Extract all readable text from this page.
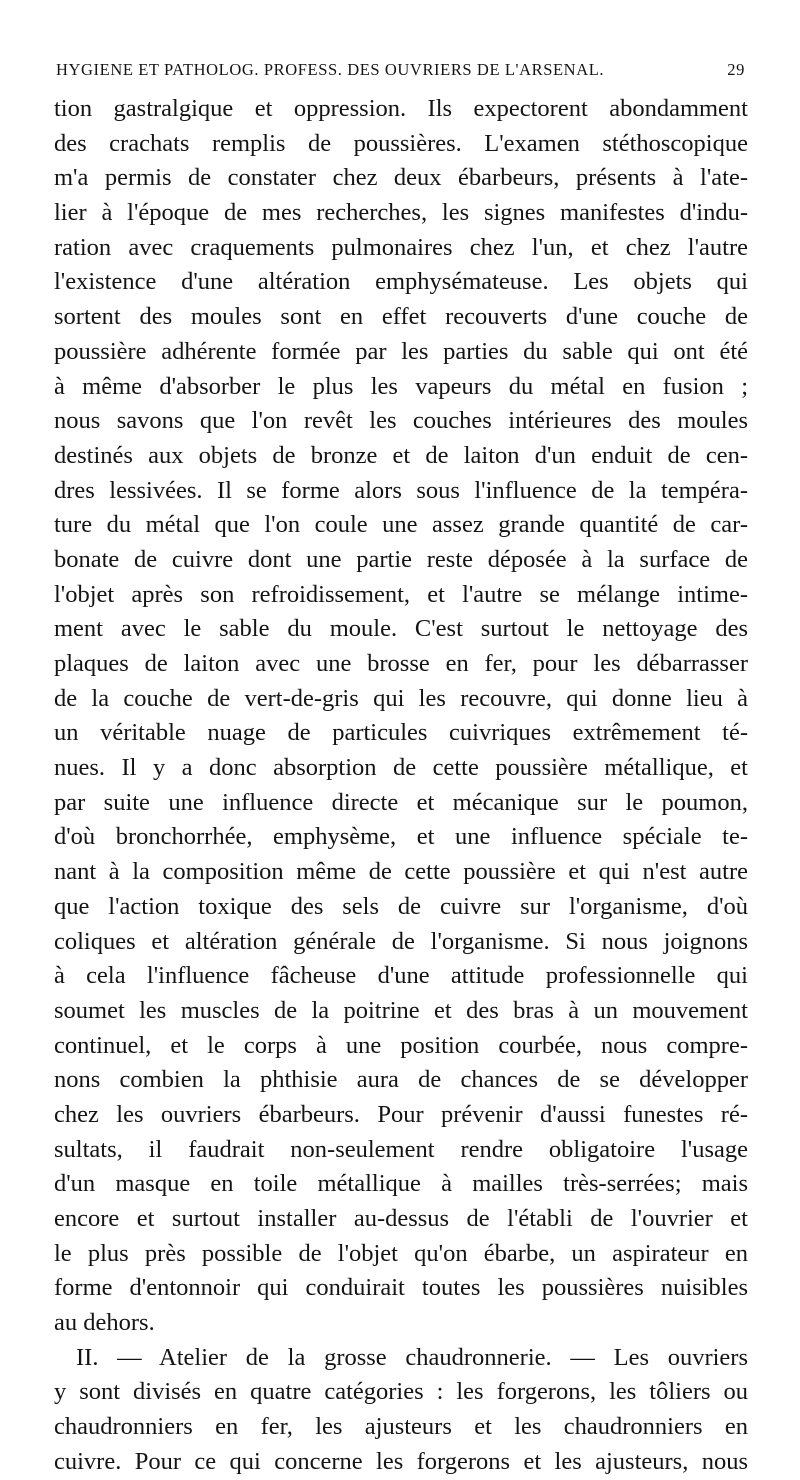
HYGIENE ET PATHOLOG. PROFESS. DES OUVRIERS DE L'ARSENAL.	29
tion gastralgique et oppression. Ils expectorent abondamment
des crachats remplis de poussières. L'examen stéthoscopique
m'a permis de constater chez deux ébarbeurs, présents à l'ate-
lier à l'époque de mes recherches, les signes manifestes d'indu-
ration avec craquements pulmonaires chez l'un, et chez l'autre
l'existence d'une altération emphysémateuse. Les objets qui
sortent des moules sont en effet recouverts d'une couche de
poussière adhérente formée par les parties du sable qui ont été
à même d'absorber le plus les vapeurs du métal en fusion ;
nous savons que l'on revêt les couches intérieures des moules
destinés aux objets de bronze et de laiton d'un enduit de cen-
dres lessivées. Il se forme alors sous l'influence de la tempéra-
ture du métal que l'on coule une assez grande quantité de car-
bonate de cuivre dont une partie reste déposée à la surface de
l'objet après son refroidissement, et l'autre se mélange intime-
ment avec le sable du moule. C'est surtout le nettoyage des
plaques de laiton avec une brosse en fer, pour les débarrasser
de la couche de vert-de-gris qui les recouvre, qui donne lieu à
un véritable nuage de particules cuivriques extrêmement té-
nues. Il y a donc absorption de cette poussière métallique, et
par suite une influence directe et mécanique sur le poumon,
d'où bronchorrhée, emphysème, et une influence spéciale te-
nant à la composition même de cette poussière et qui n'est autre
que l'action toxique des sels de cuivre sur l'organisme, d'où
coliques et altération générale de l'organisme. Si nous joignons
à cela l'influence fâcheuse d'une attitude professionnelle qui
soumet les muscles de la poitrine et des bras à un mouvement
continuel, et le corps à une position courbée, nous compre-
nons combien la phthisie aura de chances de se développer
chez les ouvriers ébarbeurs. Pour prévenir d'aussi funestes ré-
sultats, il faudrait non-seulement rendre obligatoire l'usage
d'un masque en toile métallique à mailles très-serrées; mais
encore et surtout installer au-dessus de l'établi de l'ouvrier et
le plus près possible de l'objet qu'on ébarbe, un aspirateur en
forme d'entonnoir qui conduirait toutes les poussières nuisibles
au dehors.
II. — Atelier de la grosse chaudronnerie. — Les ouvriers
y sont divisés en quatre catégories : les forgerons, les tôliers ou
chaudronniers en fer, les ajusteurs et les chaudronniers en
cuivre. Pour ce qui concerne les forgerons et les ajusteurs, nous
